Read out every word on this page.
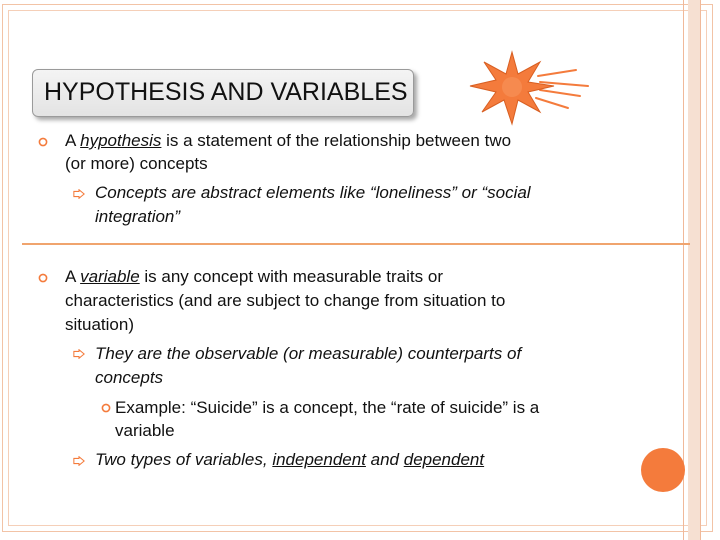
HYPOTHESIS AND VARIABLES
A hypothesis is a statement of the relationship between two
(or more) concepts
Concepts are abstract elements like “loneliness” or “social
integration”
A variable is any concept with measurable traits or
characteristics (and are subject to change from situation to
situation)
They are the observable (or measurable) counterparts of
concepts
Example: “Suicide” is a concept, the “rate of suicide” is a
variable
Two types of variables, independent and dependent
